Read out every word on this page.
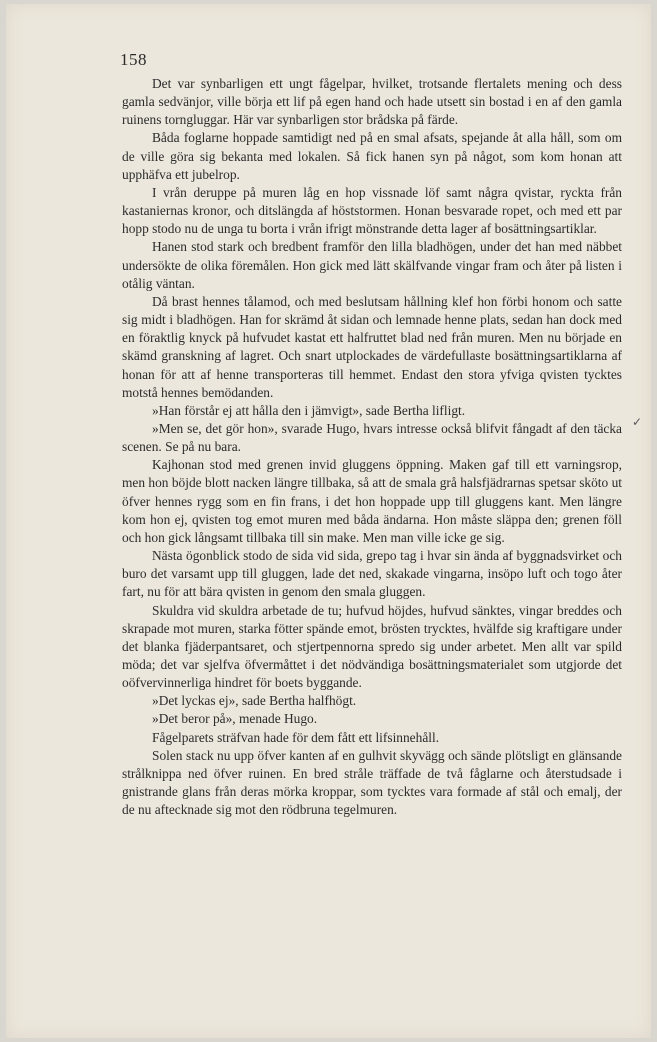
158
✓

Det var synbarligen ett ungt fågelpar, hvilket, trotsande flertalets mening och dess gamla sedvänjor, ville börja ett lif på egen hand och hade utsett sin bostad i en af den gamla ruinens torngluggar. Här var synbarligen stor brådska på färde.

Båda foglarne hoppade samtidigt ned på en smal afsats, spejande åt alla håll, som om de ville göra sig bekanta med lokalen. Så fick hanen syn på något, som kom honan att upphäfva ett jubelrop.

I vrån deruppe på muren låg en hop vissnade löf samt några qvistar, ryckta från kastaniernas kronor, och ditslängda af höststormen. Honan besvarade ropet, och med ett par hopp stodo nu de unga tu borta i vrån ifrigt mönstrande detta lager af bosättningsartiklar.

Hanen stod stark och bredbent framför den lilla bladhögen, under det han med näbbet undersökte de olika föremålen. Hon gick med lätt skälfvande vingar fram och åter på listen i otålig väntan.

Då brast hennes tålamod, och med beslutsam hållning klef hon förbi honom och satte sig midt i bladhögen. Han for skrämd åt sidan och lemnade henne plats, sedan han dock med en föraktlig knyck på hufvudet kastat ett halfruttet blad ned från muren. Men nu började en skämd granskning af lagret. Och snart utplockades de värdefullaste bosättningsartiklarna af honan för att af henne transporteras till hemmet. Endast den stora yfviga qvisten tycktes motstå hennes bemödanden.

»Han förstår ej att hålla den i jämvigt», sade Bertha lifligt.

»Men se, det gör hon», svarade Hugo, hvars intresse också blifvit fångadt af den täcka scenen. Se på nu bara.

Kajhonan stod med grenen invid gluggens öppning. Maken gaf till ett varningsrop, men hon böjde blott nacken längre tillbaka, så att de smala grå halsfjädrarnas spetsar sköto ut öfver hennes rygg som en fin frans, i det hon hoppade upp till gluggens kant. Men längre kom hon ej, qvisten tog emot muren med båda ändarna. Hon måste släppa den; grenen föll och hon gick långsamt tillbaka till sin make. Men man ville icke ge sig.

Nästa ögonblick stodo de sida vid sida, grepo tag i hvar sin ända af byggnadsvirket och buro det varsamt upp till gluggen, lade det ned, skakade vingarna, insöpo luft och togo åter fart, nu för att bära qvisten in genom den smala gluggen.

Skuldra vid skuldra arbetade de tu; hufvud höjdes, hufvud sänktes, vingar breddes och skrapade mot muren, starka fötter spände emot, brösten trycktes, hvälfde sig kraftigare under det blanka fjäderpantsaret, och stjertpennorna spredo sig under arbetet. Men allt var spild möda; det var sjelfva öfvermåttet i det nödvändiga bosättningsmaterialet som utgjorde det oöfvervinnerliga hindret för boets byggande.

»Det lyckas ej», sade Bertha halfhögt.

»Det beror på», menade Hugo.

Fågelparets sträfvan hade för dem fått ett lifsinnehåll.

Solen stack nu upp öfver kanten af en gulhvit skyvägg och sände plötsligt en glänsande strålknippa ned öfver ruinen. En bred stråle träffade de två fåglarne och återstudsade i gnistrande glans från deras mörka kroppar, som tycktes vara formade af stål och emalj, der de nu aftecknade sig mot den rödbruna tegelmuren.
